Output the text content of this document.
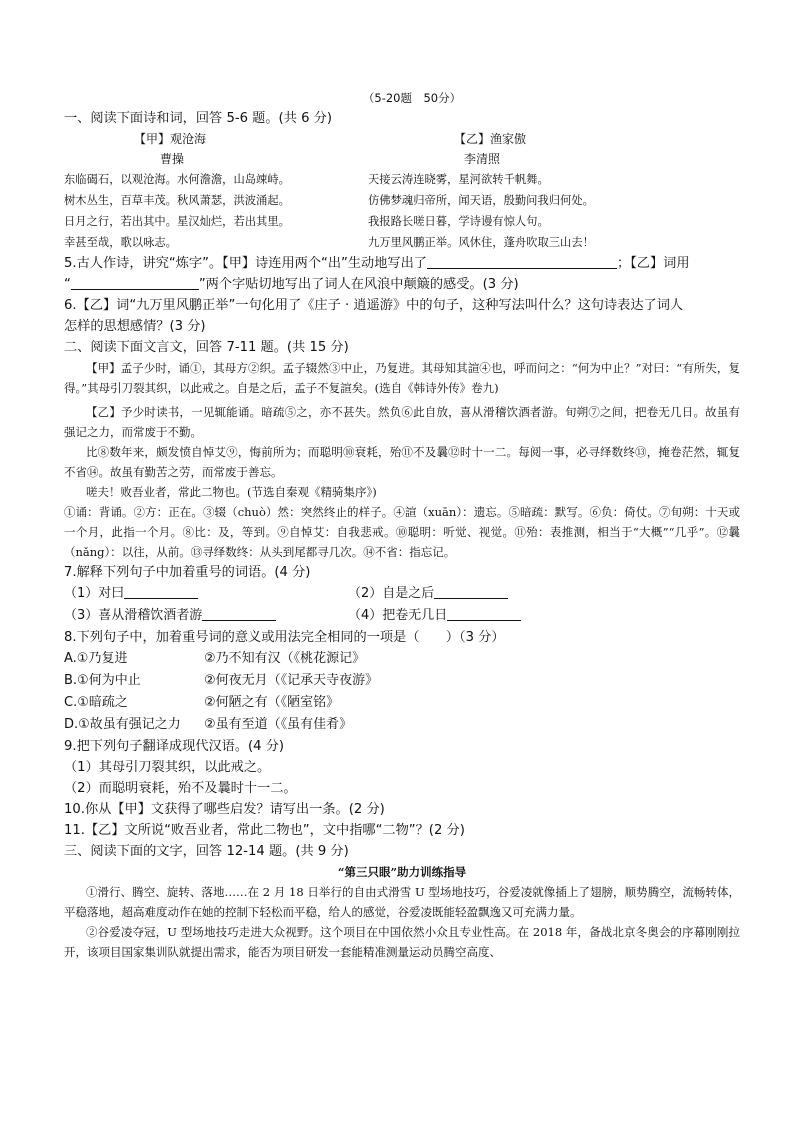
（5-20题　50分）
一、阅读下面诗和词，回答 5-6 题。(共 6 分)
【甲】观沧海	【乙】渔家傲
曹操	李清照
东临碣石，以观沧海。水何澹澹，山岛竦峙。
树木丛生，百草丰茂。秋风萧瑟，洪波涌起。
日月之行，若出其中。星汉灿烂，若出其里。
幸甚至哉，歌以咏志。
天接云涛连晓雾，星河欲转千帆舞。
仿佛梦魂归帝所，闻天语，殷勤问我归何处。
我报路长嗟日暮，学诗谩有惊人句。
九万里风鹏正举。风休住，蓬舟吹取三山去！
5.古人作诗，讲究“炼字”。【甲】诗连用两个“出”生动地写出了	；【乙】词用
“	”两个字贴切地写出了词人在风浪中颠簸的感受。(3 分)
6.【乙】词“九万里风鹏正举”一句化用了《庄子 · 逍遥游》中的句子，这种写法叫什么？这句诗表达了词人
怎样的思想感情？(3 分)
二、阅读下面文言文，回答 7-11 题。(共 15 分)
【甲】孟子少时，诵①，其母方②织。孟子辍然③中止，乃复进。其母知其諠④也，呼而问之：“何为中止？”对曰：“有所失，复得。”其母引刀裂其织，以此戒之。自是之后，孟子不复諠矣。(选自《韩诗外传》卷九)
【乙】予少时读书，一见辄能诵。暗疏⑤之，亦不甚失。然负⑥此自放，喜从滑稽饮酒者游。旬朔⑦之间，把卷无几日。故虽有强记之力，而常废于不勤。
比⑧数年来，颇发愤自悼艾⑨，悔前所为；而聪明⑩衰耗，殆⑪不及曩⑫时十一二。每阅一事，必寻绎数终⑬，掩卷茫然，辄复不省⑭。故虽有勤苦之劳，而常废于善忘。
嗟夫！败吾业者，常此二物也。(节选自秦观《精骑集序》)
①诵：背诵。②方：正在。③辍（chuò）然：突然终止的样子。④諠（xuān）：遗忘。⑤暗疏：默写。⑥负：倚仗。⑦旬朔：十天或一个月，此指一个月。⑧比：及，等到。⑨自悼艾：自我悲戒。⑩聪明：听觉、视觉。⑪殆：表推测，相当于“大概”“几乎”。⑫曩（nǎng）：以往，从前。⑬寻绎数终：从头到尾都寻几次。⑭不省：指忘记。
7.解释下列句子中加着重号的词语。(4 分)
（1）对曰	（2）自是之后
（3）喜从滑稽饮酒者游	（4）把卷无几日
8.下列句子中，加着重号词的意义或用法完全相同的一项是（　　）（3 分）
A.①乃复进	②乃不知有汉（《桃花源记》
B.①何为中止	②何夜无月（《记承天寺夜游》
C.①暗疏之	②何陋之有（《陋室铭》
D.①故虽有强记之力	②虽有至道（《虽有佳肴》
9.把下列句子翻译成现代汉语。(4 分)
（1）其母引刀裂其织，以此戒之。
（2）而聪明衰耗，殆不及曩时十一二。
10.你从【甲】文获得了哪些启发？请写出一条。(2 分)
11.【乙】文所说“败吾业者，常此二物也”，文中指哪“二物”？(2 分)
三、阅读下面的文字，回答 12-14 题。(共 9 分)
“第三只眼”助力训练指导
①滑行、腾空、旋转、落地……在 2 月 18 日举行的自由式滑雪 U 型场地技巧，谷爱凌就像插上了翅膀，顺势腾空，流畅转体，平稳落地，超高难度动作在她的控制下轻松而平稳，给人的感觉，谷爱凌既能轻盈飘逸又可充满力量。
②谷爱凌夺冠，U 型场地技巧走进大众视野。这个项目在中国依然小众且专业性高。在 2018 年，备战北京冬奥会的序幕刚刚拉开，该项目国家集训队就提出需求，能否为项目研发一套能精准测量运动员腾空高度、
